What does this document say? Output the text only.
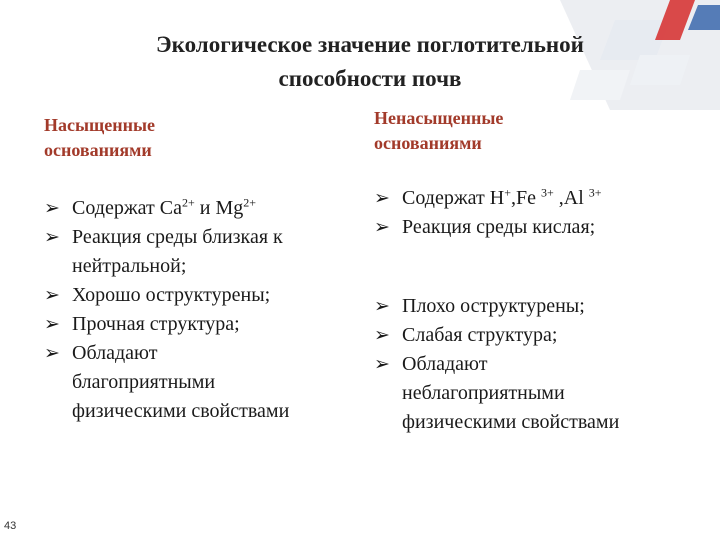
Экологическое значение поглотительной
способности почв
Насыщенные
основаниями
Ненасыщенные
основаниями
➢ Содержат $Ca^{2+}$ и $Mg^{2+}$
➢ Реакция среды близкая к
нейтральной;
➢ Хорошо оструктурены;
➢ Прочная структура;
➢ Обладают
благоприятными
физическими свойствами
➢ Содержат H+,Fe $^{3+}$ ,Al $^{3+}$
➢ Реакция среды кислая;
➢ Плохо оструктурены;
➢ Слабая структура;
➢ Обладают
неблагоприятными
физическими свойствами
43
